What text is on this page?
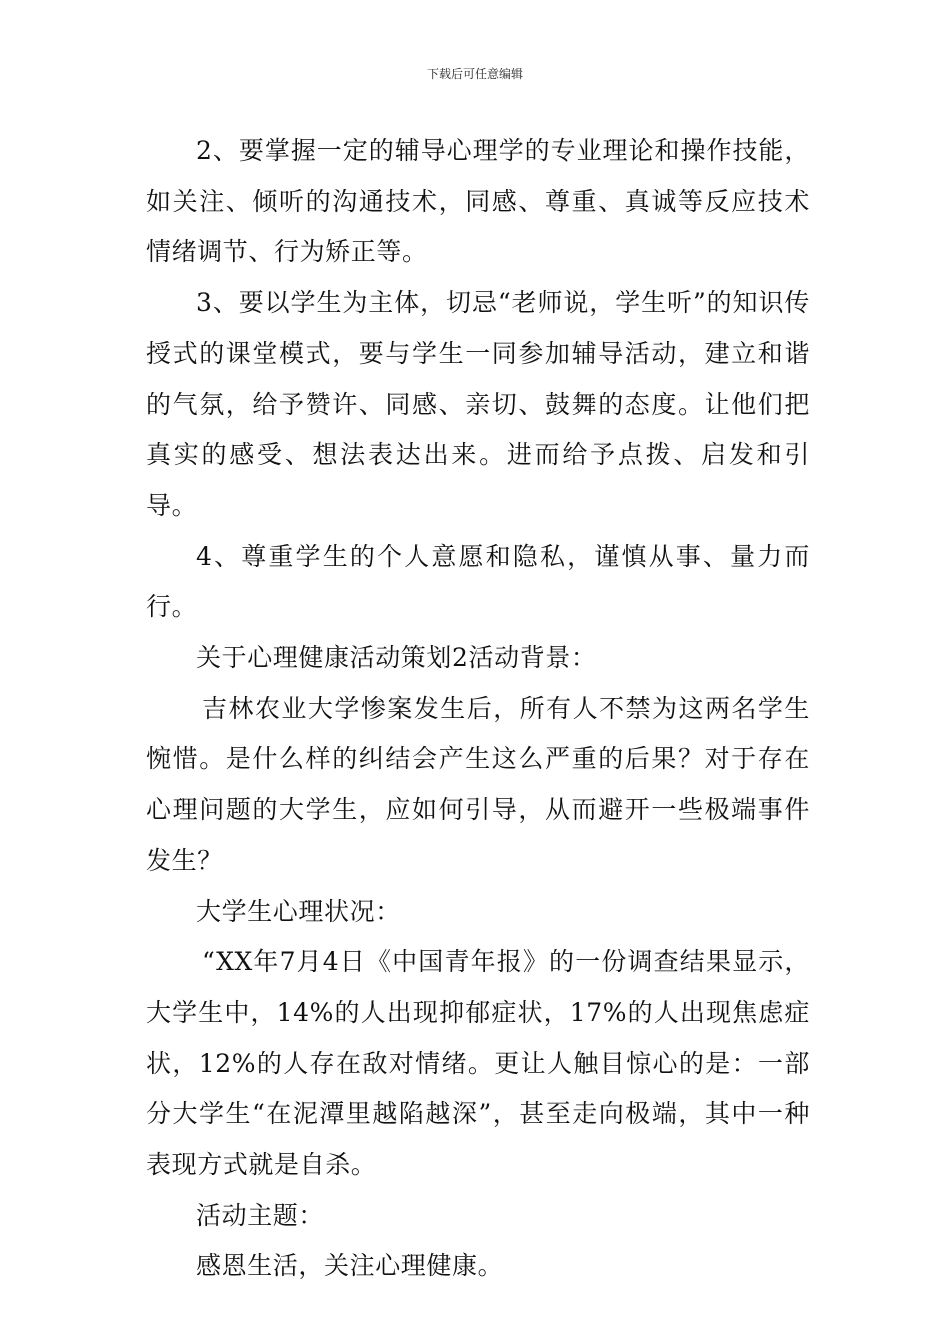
下载后可任意编辑

2、要掌握一定的辅导心理学的专业理论和操作技能，如关注、倾听的沟通技术，同感、尊重、真诚等反应技术情绪调节、行为矫正等。

3、要以学生为主体，切忌“老师说，学生听”的知识传授式的课堂模式，要与学生一同参加辅导活动，建立和谐的气氛，给予赞许、同感、亲切、鼓舞的态度。让他们把真实的感受、想法表达出来。进而给予点拨、启发和引导。

4、尊重学生的个人意愿和隐私，谨慎从事、量力而行。

关于心理健康活动策划2活动背景：

吉林农业大学惨案发生后，所有人不禁为这两名学生惋惜。是什么样的纠结会产生这么严重的后果？对于存在心理问题的大学生，应如何引导，从而避开一些极端事件发生？

大学生心理状况：

“XX年7月4日《中国青年报》的一份调查结果显示，大学生中，14%的人出现抑郁症状，17%的人出现焦虑症状，12%的人存在敌对情绪。更让人触目惊心的是：一部分大学生“在泥潭里越陷越深”，甚至走向极端，其中一种表现方式就是自杀。

活动主题：

感恩生活，关注心理健康。
